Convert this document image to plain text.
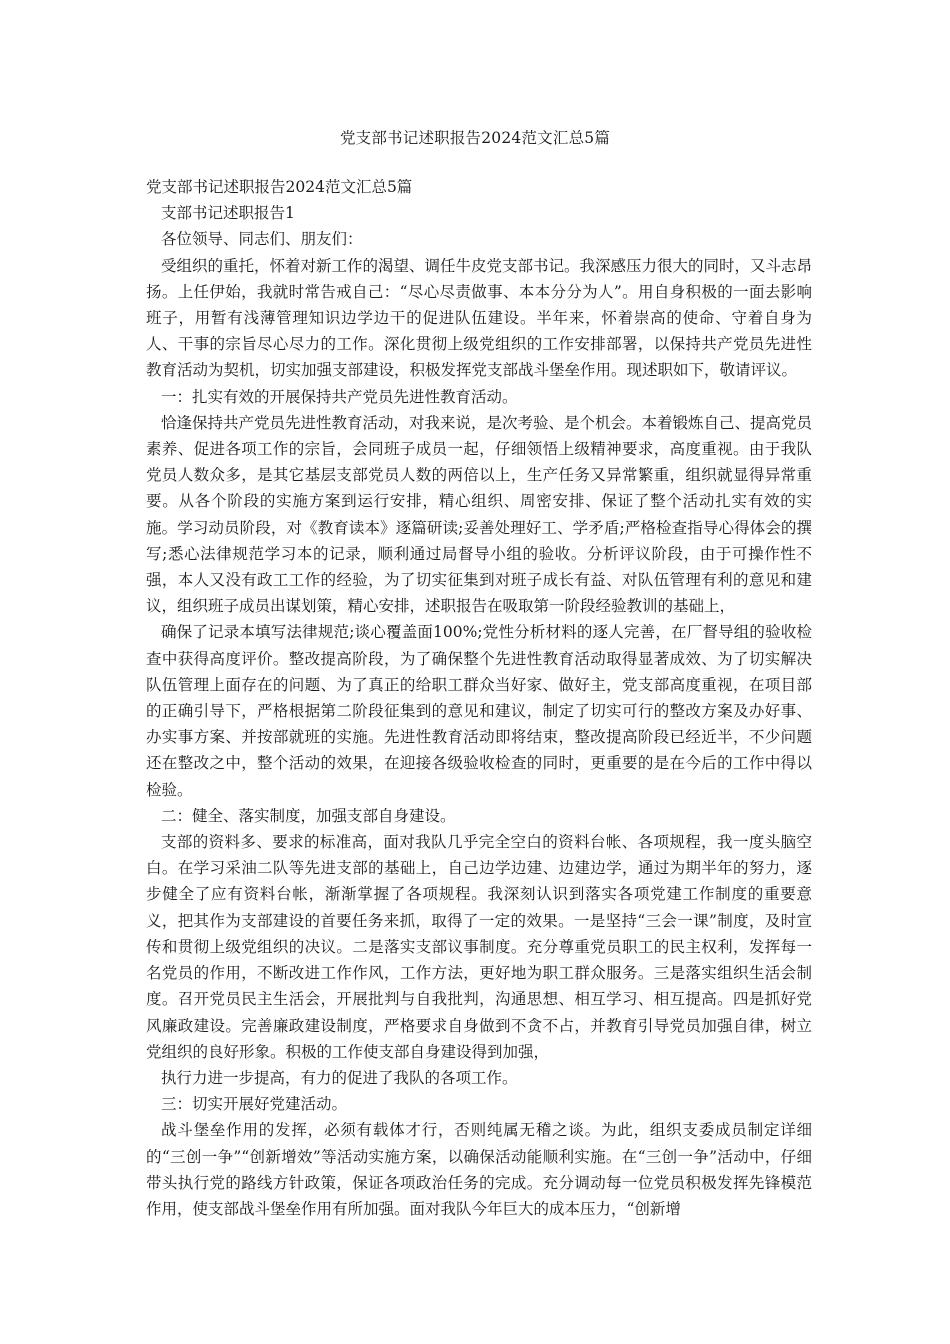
党支部书记述职报告2024范文汇总5篇

党支部书记述职报告2024范文汇总5篇

支部书记述职报告1

各位领导、同志们、朋友们：

受组织的重托，怀着对新工作的渴望、调任牛皮党支部书记。我深感压力很大的同时，又斗志昂扬。上任伊始，我就时常告戒自己：“尽心尽责做事、本本分分为人”。用自身积极的一面去影响班子，用暂有浅薄管理知识边学边干的促进队伍建设。半年来，怀着崇高的使命、守着自身为人、干事的宗旨尽心尽力的工作。深化贯彻上级党组织的工作安排部署，以保持共产党员先进性教育活动为契机，切实加强支部建设，积极发挥党支部战斗堡垒作用。现述职如下，敬请评议。

一：扎实有效的开展保持共产党员先进性教育活动。

恰逢保持共产党员先进性教育活动，对我来说，是次考验、是个机会。本着锻炼自己、提高党员素养、促进各项工作的宗旨，会同班子成员一起，仔细领悟上级精神要求，高度重视。由于我队党员人数众多，是其它基层支部党员人数的两倍以上，生产任务又异常繁重，组织就显得异常重要。从各个阶段的实施方案到运行安排，精心组织、周密安排、保证了整个活动扎实有效的实施。学习动员阶段，对《教育读本》逐篇研读;妥善处理好工、学矛盾;严格检查指导心得体会的撰写;悉心法律规范学习本的记录，顺利通过局督导小组的验收。分析评议阶段，由于可操作性不强，本人又没有政工工作的经验，为了切实征集到对班子成长有益、对队伍管理有利的意见和建议，组织班子成员出谋划策，精心安排，述职报告在吸取第一阶段经验教训的基础上，

确保了记录本填写法律规范;谈心覆盖面100%;党性分析材料的逐人完善，在厂督导组的验收检查中获得高度评价。整改提高阶段，为了确保整个先进性教育活动取得显著成效、为了切实解决队伍管理上面存在的问题、为了真正的给职工群众当好家、做好主，党支部高度重视，在项目部的正确引导下，严格根据第二阶段征集到的意见和建议，制定了切实可行的整改方案及办好事、办实事方案、并按部就班的实施。先进性教育活动即将结束，整改提高阶段已经近半，不少问题还在整改之中，整个活动的效果，在迎接各级验收检查的同时，更重要的是在今后的工作中得以检验。

二：健全、落实制度，加强支部自身建设。

支部的资料多、要求的标准高，面对我队几乎完全空白的资料台帐、各项规程，我一度头脑空白。在学习采油二队等先进支部的基础上，自己边学边建、边建边学，通过为期半年的努力，逐步健全了应有资料台帐，渐渐掌握了各项规程。我深刻认识到落实各项党建工作制度的重要意义，把其作为支部建设的首要任务来抓，取得了一定的效果。一是坚持“三会一课”制度，及时宣传和贯彻上级党组织的决议。二是落实支部议事制度。充分尊重党员职工的民主权利，发挥每一名党员的作用，不断改进工作作风，工作方法，更好地为职工群众服务。三是落实组织生活会制度。召开党员民主生活会，开展批判与自我批判，沟通思想、相互学习、相互提高。四是抓好党风廉政建设。完善廉政建设制度，严格要求自身做到不贪不占，并教育引导党员加强自律，树立党组织的良好形象。积极的工作使支部自身建设得到加强，

执行力进一步提高，有力的促进了我队的各项工作。

三：切实开展好党建活动。

战斗堡垒作用的发挥，必须有载体才行，否则纯属无稽之谈。为此，组织支委成员制定详细的“三创一争”“创新增效”等活动实施方案，以确保活动能顺利实施。在“三创一争”活动中，仔细带头执行党的路线方针政策，保证各项政治任务的完成。充分调动每一位党员积极发挥先锋模范作用，使支部战斗堡垒作用有所加强。面对我队今年巨大的成本压力，“创新增
